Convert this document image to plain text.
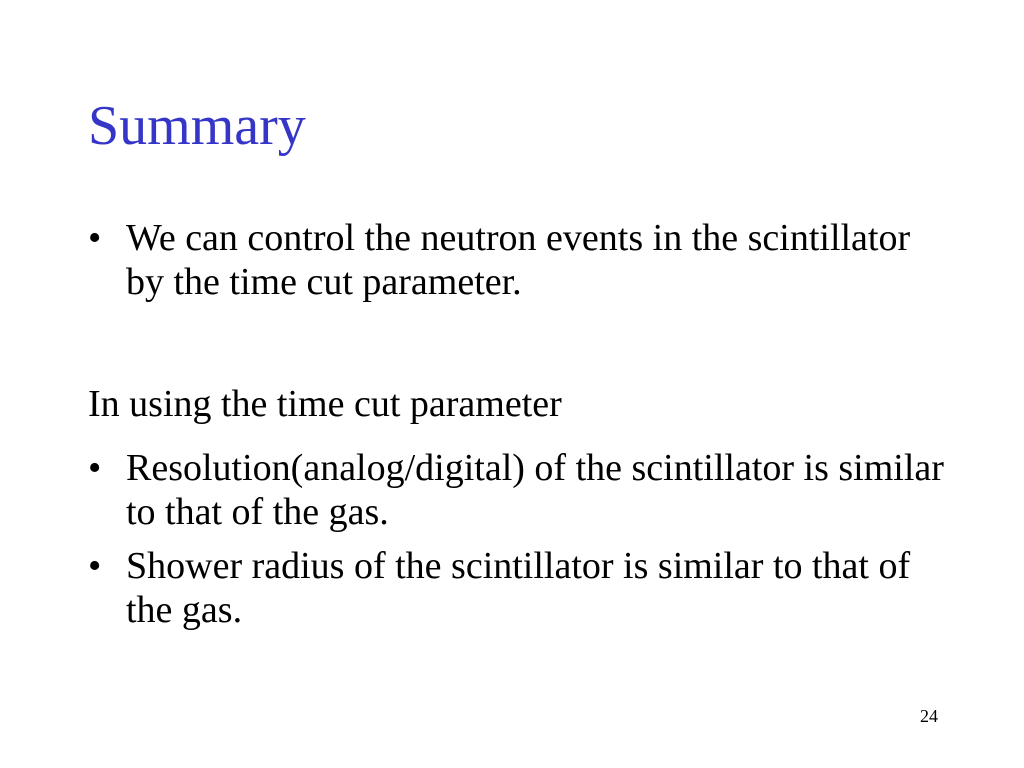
Summary
• We can control the neutron events in the scintillator by the time cut parameter.
In using the time cut parameter
• Resolution(analog/digital) of the scintillator is similar to that of the gas.
• Shower radius of the scintillator is similar to that of the gas.
24
